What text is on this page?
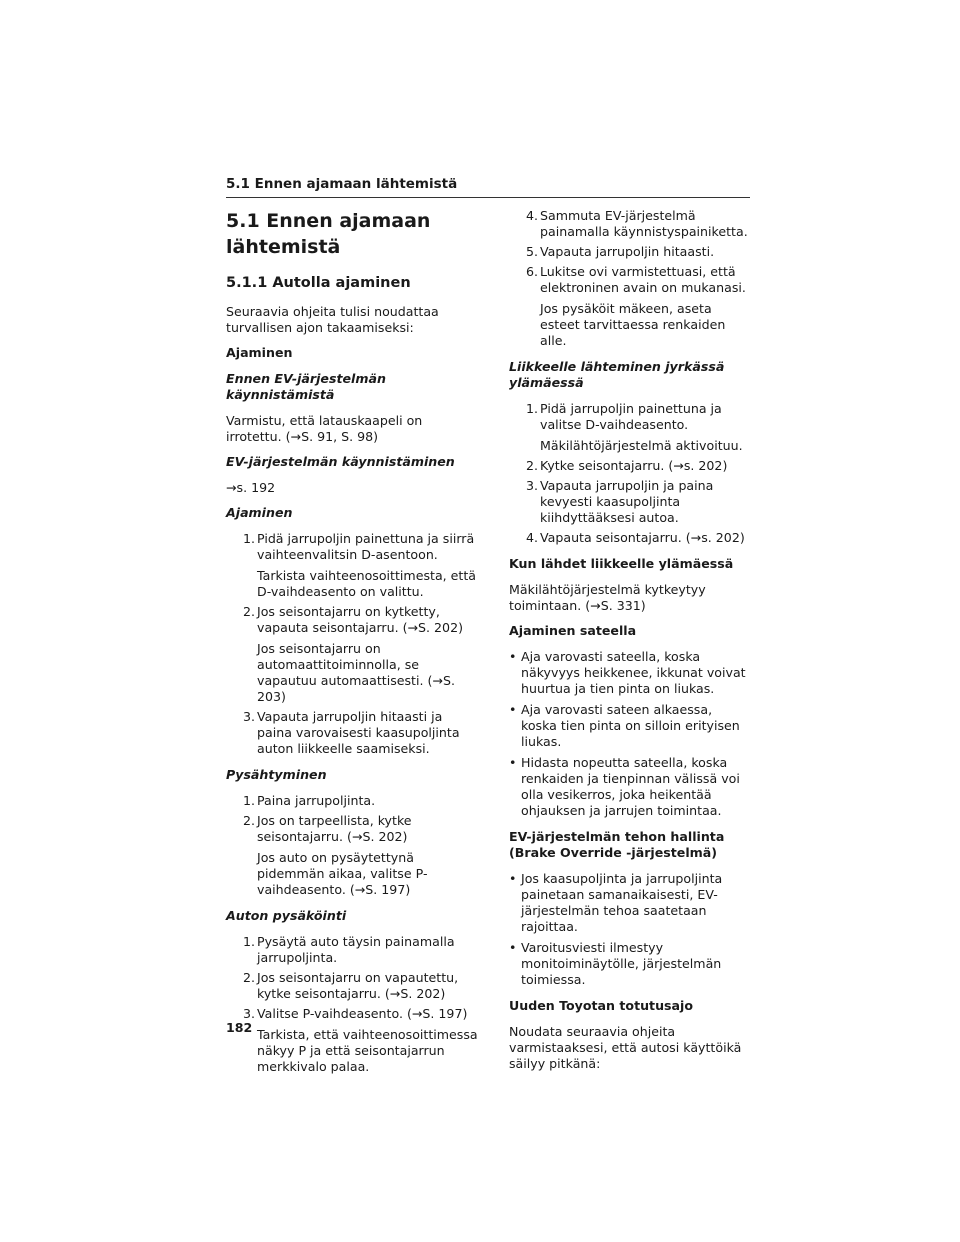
5.1 Ennen ajamaan lähtemistä
5.1 Ennen ajamaan lähtemistä
5.1.1 Autolla ajaminen
Seuraavia ohjeita tulisi noudattaa turvallisen ajon takaamiseksi:
Ajaminen
Ennen EV-järjestelmän käynnistämistä
Varmistu, että latauskaapeli on irrotettu. (→S. 91, S. 98)
EV-järjestelmän käynnistäminen
→s. 192
Ajaminen
1. Pidä jarrupoljin painettuna ja siirrä vaihteenvalitsin D-asentoon.
Tarkista vaihteenosoittimesta, että D-vaihdeasento on valittu.
2. Jos seisontajarru on kytketty, vapauta seisontajarru. (→S. 202)
Jos seisontajarru on automaattitoiminnolla, se vapautuu automaattisesti. (→S. 203)
3. Vapauta jarrupoljin hitaasti ja paina varovaisesti kaasupoljinta auton liikkeelle saamiseksi.
Pysähtyminen
1. Paina jarrupoljinta.
2. Jos on tarpeellista, kytke seisontajarru. (→S. 202)
Jos auto on pysäytettynä pidemmän aikaa, valitse P-vaihdeasento. (→S. 197)
Auton pysäköinti
1. Pysäytä auto täysin painamalla jarrupoljinta.
2. Jos seisontajarru on vapautettu, kytke seisontajarru. (→S. 202)
3. Valitse P-vaihdeasento. (→S. 197)
Tarkista, että vaihteenosoittimessa näkyy P ja että seisontajarrun merkkivalo palaa.
4. Sammuta EV-järjestelmä painamalla käynnistyspainiketta.
5. Vapauta jarrupoljin hitaasti.
6. Lukitse ovi varmistettuasi, että elektroninen avain on mukanasi.
Jos pysäköit mäkeen, aseta esteet tarvittaessa renkaiden alle.
Liikkeelle lähteminen jyrkässä ylämäessä
1. Pidä jarrupoljin painettuna ja valitse D-vaihdeasento.
Mäkilähtöjärjestelmä aktivoituu.
2. Kytke seisontajarru. (→s. 202)
3. Vapauta jarrupoljin ja paina kevyesti kaasupoljinta kiihdyttääksesi autoa.
4. Vapauta seisontajarru. (→s. 202)
Kun lähdet liikkeelle ylämäessä
Mäkilähtöjärjestelmä kytkeytyy toimintaan. (→S. 331)
Ajaminen sateella
• Aja varovasti sateella, koska näkyvyys heikkenee, ikkunat voivat huurtua ja tien pinta on liukas.
• Aja varovasti sateen alkaessa, koska tien pinta on silloin erityisen liukas.
• Hidasta nopeutta sateella, koska renkaiden ja tienpinnan välissä voi olla vesikerros, joka heikentää ohjauksen ja jarrujen toimintaa.
EV-järjestelmän tehon hallinta (Brake Override -järjestelmä)
• Jos kaasupoljinta ja jarrupoljinta painetaan samanaikaisesti, EV-järjestelmän tehoa saatetaan rajoittaa.
• Varoitusviesti ilmestyy monitoiminäytölle, järjestelmän toimiessa.
Uuden Toyotan totutusajo
Noudata seuraavia ohjeita varmistaaksesi, että autosi käyttöikä säilyy pitkänä:
182
